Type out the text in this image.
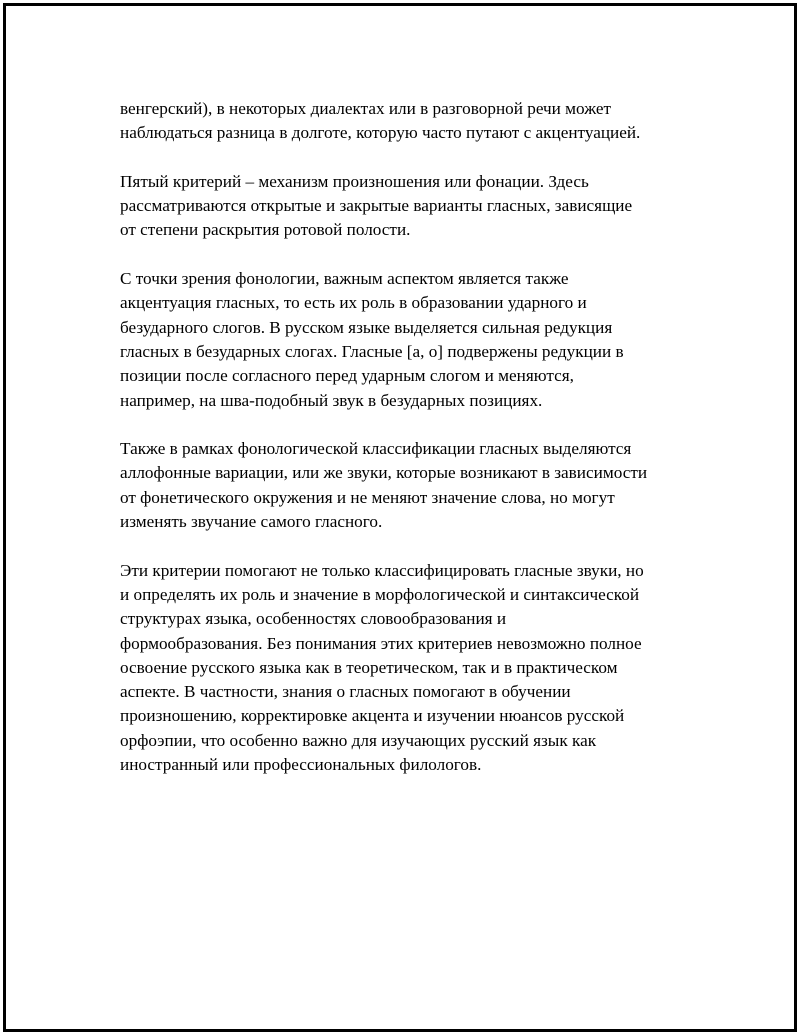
венгерский), в некоторых диалектах или в разговорной речи может
наблюдаться разница в долготе, которую часто путают с акцентуацией.

Пятый критерий – механизм произношения или фонации. Здесь
рассматриваются открытые и закрытые варианты гласных, зависящие
от степени раскрытия ротовой полости.

С точки зрения фонологии, важным аспектом является также
акцентуация гласных, то есть их роль в образовании ударного и
безударного слогов. В русском языке выделяется сильная редукция
гласных в безударных слогах. Гласные [а, о] подвержены редукции в
позиции после согласного перед ударным слогом и меняются,
например, на шва-подобный звук в безударных позициях.

Также в рамках фонологической классификации гласных выделяются
аллофонные вариации, или же звуки, которые возникают в зависимости
от фонетического окружения и не меняют значение слова, но могут
изменять звучание самого гласного.

Эти критерии помогают не только классифицировать гласные звуки, но
и определять их роль и значение в морфологической и синтаксической
структурах языка, особенностях словообразования и
формообразования. Без понимания этих критериев невозможно полное
освоение русского языка как в теоретическом, так и в практическом
аспекте. В частности, знания о гласных помогают в обучении
произношению, корректировке акцента и изучении нюансов русской
орфоэпии, что особенно важно для изучающих русский язык как
иностранный или профессиональных филологов.
